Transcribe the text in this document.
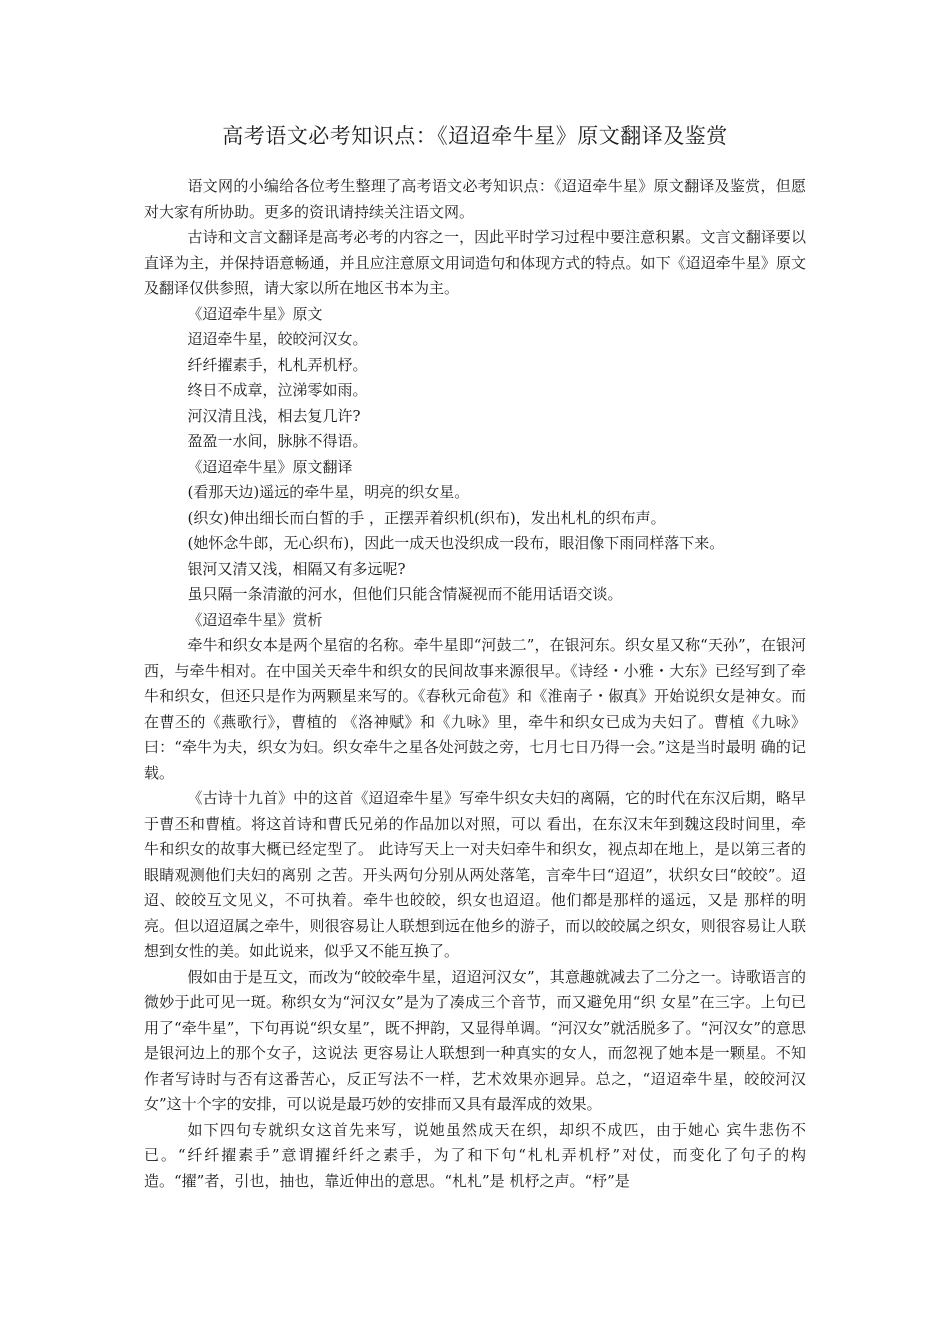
高考语文必考知识点：《迢迢牵牛星》原文翻译及鉴赏

语文网的小编给各位考生整理了高考语文必考知识点：《迢迢牵牛星》原文翻译及鉴赏，但愿对大家有所协助。更多的资讯请持续关注语文网。

古诗和文言文翻译是高考必考的内容之一，因此平时学习过程中要注意积累。文言文翻译要以直译为主，并保持语意畅通，并且应注意原文用词造句和体现方式的特点。如下《迢迢牵牛星》原文及翻译仅供参照，请大家以所在地区书本为主。

《迢迢牵牛星》原文

迢迢牵牛星，皎皎河汉女。

纤纤擢素手，札札弄机杼。

终日不成章，泣涕零如雨。

河汉清且浅，相去复几许?

盈盈一水间，脉脉不得语。

《迢迢牵牛星》原文翻译

(看那天边)遥远的牵牛星，明亮的织女星。

(织女)伸出细长而白皙的手 ，正摆弄着织机(织布)，发出札札的织布声。

(她怀念牛郎，无心织布)，因此一成天也没织成一段布，眼泪像下雨同样落下来。

银河又清又浅，相隔又有多远呢?

虽只隔一条清澈的河水，但他们只能含情凝视而不能用话语交谈。

《迢迢牵牛星》赏析

牵牛和织女本是两个星宿的名称。牵牛星即“河鼓二”，在银河东。织女星又称“天孙”，在银河 西，与牵牛相对。在中国关天牵牛和织女的民间故事来源很早。《诗经・小雅・大东》已经写到了牵牛和织女，但还只是作为两颗星来写的。《春秋元命苞》和《淮南子・俶真》开始说织女是神女。而在曹丕的《燕歌行》，曹植的 《洛神赋》和《九咏》里，牵牛和织女已成为夫妇了。曹植《九咏》曰：“牵牛为夫，织女为妇。织女牵牛之星各处河鼓之旁，七月七日乃得一会。”这是当时最明 确的记载。

《古诗十九首》中的这首《迢迢牵牛星》写牵牛织女夫妇的离隔，它的时代在东汉后期，略早于曹丕和曹植。将这首诗和曹氏兄弟的作品加以对照，可以 看出，在东汉末年到魏这段时间里，牵牛和织女的故事大概已经定型了。 此诗写天上一对夫妇牵牛和织女，视点却在地上，是以第三者的眼睛观测他们夫妇的离别 之苦。开头两句分别从两处落笔，言牵牛曰“迢迢”，状织女曰“皎皎”。迢迢、皎皎互文见义，不可执着。牵牛也皎皎，织女也迢迢。他们都是那样的遥远，又是 那样的明亮。但以迢迢属之牵牛，则很容易让人联想到远在他乡的游子，而以皎皎属之织女，则很容易让人联想到女性的美。如此说来，似乎又不能互换了。

假如由于是互文，而改为“皎皎牵牛星，迢迢河汉女”，其意趣就减去了二分之一。诗歌语言的微妙于此可见一斑。称织女为“河汉女”是为了凑成三个音节，而又避免用“织 女星”在三字。上句已用了“牵牛星”，下句再说“织女星”，既不押韵，又显得单调。“河汉女”就活脱多了。“河汉女”的意思是银河边上的那个女子，这说法 更容易让人联想到一种真实的女人，而忽视了她本是一颗星。不知作者写诗时与否有这番苦心，反正写法不一样，艺术效果亦迥异。总之，“迢迢牵牛星，皎皎河汉 女”这十个字的安排，可以说是最巧妙的安排而又具有最浑成的效果。

如下四句专就织女这首先来写，说她虽然成天在织，却织不成匹，由于她心 宾牛悲伤不已。“纤纤擢素手”意谓擢纤纤之素手，为了和下句“札札弄机杼”对仗，而变化了句子的构造。“擢”者，引也，抽也，靠近伸出的意思。“札札”是 机杼之声。“杼”是
